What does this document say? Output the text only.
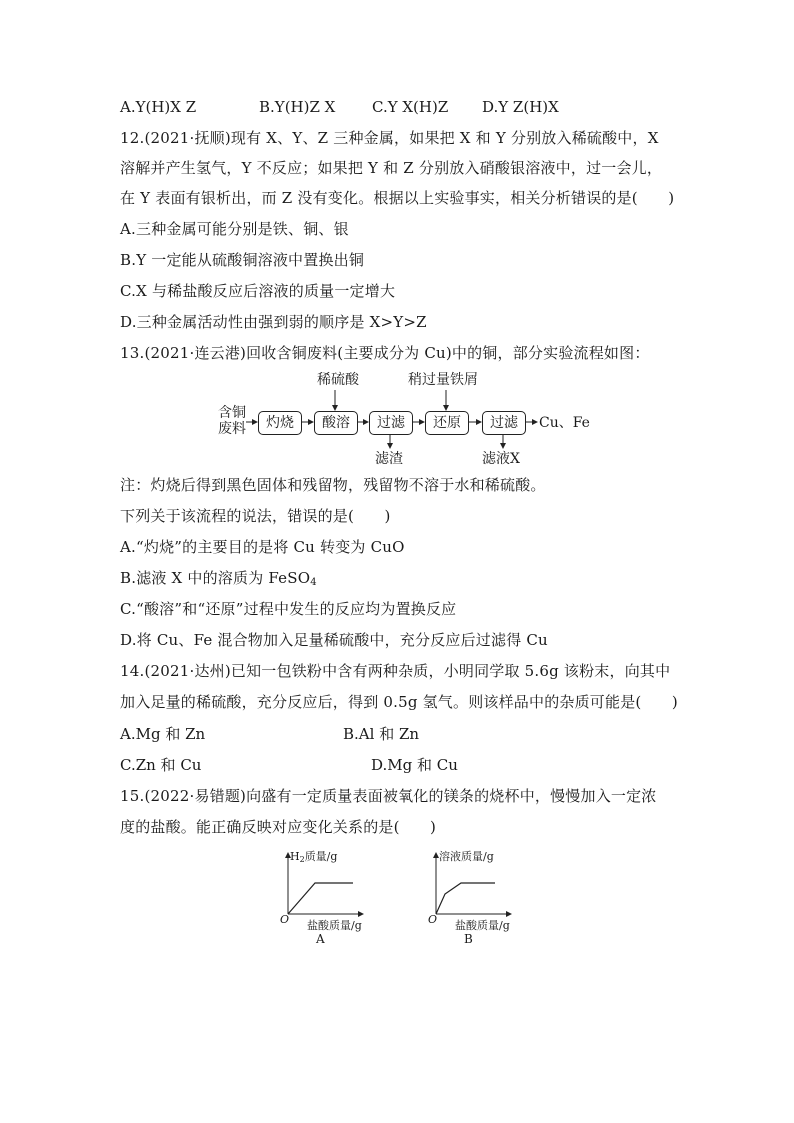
A.Y(H)X Z	B.Y(H)Z X C.Y X(H)Z D.Y Z(H)X
12.(2021·抚顺)现有 X、Y、Z 三种金属，如果把 X 和 Y 分别放入稀硫酸中，X
溶解并产生氢气，Y 不反应；如果把 Y 和 Z 分别放入硝酸银溶液中，过一会儿，
在 Y 表面有银析出，而 Z 没有变化。根据以上实验事实，相关分析错误的是(　　)
A.三种金属可能分别是铁、铜、银
B.Y 一定能从硫酸铜溶液中置换出铜
C.X 与稀盐酸反应后溶液的质量一定增大
D.三种金属活动性由强到弱的顺序是 X>Y>Z
13.(2021·连云港)回收含铜废料(主要成分为 Cu)中的铜，部分实验流程如图：
含铜
废料
稀硫酸	稍过量铁屑
灼烧	酸溶	过滤	还原	过滤	Cu、Fe
滤渣	滤液X
注：灼烧后得到黑色固体和残留物，残留物不溶于水和稀硫酸。
下列关于该流程的说法，错误的是(　　)
A.“灼烧”的主要目的是将 Cu 转变为 CuO
B.滤液 X 中的溶质为 FeSO$_4$
C.“酸溶”和“还原”过程中发生的反应均为置换反应
D.将 Cu、Fe 混合物加入足量稀硫酸中，充分反应后过滤得 Cu
14.(2021·达州)已知一包铁粉中含有两种杂质，小明同学取 5.6g 该粉末，向其中
加入足量的稀硫酸，充分反应后，得到 0.5g 氢气。则该样品中的杂质可能是(　　)
A.Mg 和 Zn	B.Al 和 Zn
C.Zn 和 Cu	D.Mg 和 Cu
15.(2022·易错题)向盛有一定质量表面被氧化的镁条的烧杯中，慢慢加入一定浓
度的盐酸。能正确反映对应变化关系的是(　　)
$H_2$质量/g
O 盐酸质量/g
A
溶液质量/g
O 盐酸质量/g
B
